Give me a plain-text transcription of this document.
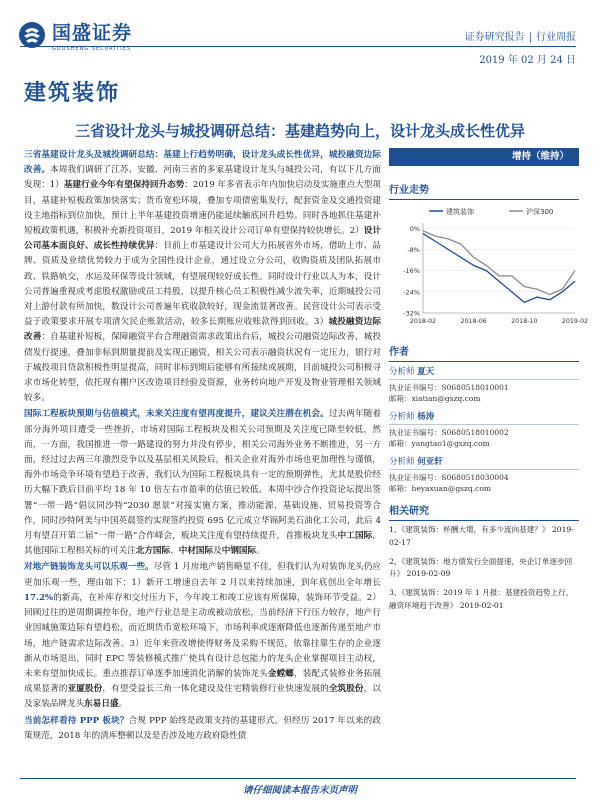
国盛证券
GUOSHENG SECURITIES
证券研究报告 | 行业周报
2019 年 02 月 24 日
建筑装饰
三省设计龙头与城投调研总结：基建趋势向上，设计龙头成长性优异

三省基建设计龙头及城投调研总结：基建上行趋势明确，设计龙头成长性优异，城投融资边际改善。本周我们调研了江苏、安徽、河南三省的多家基建设计龙头与城投公司，有以下几方面发现：1）基建行业今年有望保持回升态势：2019 年多省表示年内加快启动及实施重点大型项目，基建补短板政策加快落实；货币宽松环境，叠加专项债密集发行，配套资金及交通投资建设主地指标到位加快，预计上半年基建投资增速仍能延续触底回升趋势。同时各地抓住基建补短板政策机遇，积极补充新投资项目，2019 年相关设计公司订单有望保持较快增长。2）设计公司基本面良好、成长性持续优异：目前上市基建设计公司大力拓展省外市场，借助上市、品牌、资质及业绩优势较力于成为全国性设计企业，通过设立分公司，收购资质及团队拓展市政、铁路轨交，水运及环保等设计领域，有望展现较好成长性。同时设计行业以人为本，设计公司普遍重视或考虑股权激励或员工持股，以提升核心员工积极性减少流失率，近期城投公司对上游付款有所加快，数设计公司普遍年底收款较好，现金流显著改善。民营设计公司表示受益于政策要求开展专项清欠民企账款活动，较多长期账应收账款得到回收。3）城投融资边际改善：自基建补短板，保障融资平台合理融资需求政策出台后，城投公司融资边际改善，城投债发行提速，叠加非标到期量提前及实现正融资，相关公司表示融资状况有一定压力，银行对于城投项目贷款积极性明显提高，同时非标到期后能够有所接续或展期，目前城投公司积极寻求市场化转型，依托现有棚户区改造项目经验及资源，业务转向地产开发及物业管理相关领域较多。

国际工程板块预期与估值模式，未来关注度有望再度提升，建议关注潜在机会。过去两年随着部分海外项目遭受一些挫折，市场对国际工程板块及相关公司预期及关注度已降至较低，然而，一方面，我国推进一带一路建设的努力并没有停步，相关公司海外业务不断推进，另一方面，经过过去两三年激烈竞争以及基层相关风险后，相关企业对海外市场也更加理性与谨慎，海外市场竞争环境有望趋于改善，我们认为国际工程板块具有一定的预期弹性，尤其是股价经历大幅下跌后目前平均 18 年 10 倍左右市盈率的估值已较低。本周中沙合作投资论坛提出签署“一带一路”倡议同沙特“2030 愿景”对接实施方案，推动能源、基础设施、贸易投资等合作，同时沙特阿美与中国英晨签约实现签约投资 695 亿元成立华锦阿美石油化工公司，此后 4 月有望召开第二届“一带一路”合作峰会，板块关注度有望持续提升，首推板块龙头中工国际，其他国际工程相关标的可关注北方国际、中材国际及中钢国际。

对地产链装饰龙头可以乐观一些。尽管 1 月房地产销售略显不佳，但我们认为对装饰龙头仍应更加乐观一些，理由如下：1）新开工增速自去年 2 月以来持续加速，到年底创出全年增长 17.2%的新高，在补库存和交付压力下，今年竣工和竣工应该有所保障，装饰环节受益。2）回顾过往的逆周期调控年份，地产行业总是主动或被动放松，当前经济下行压力较存，地产行业因城施策边际有望趋松，而近期货币宽松环境下，市场利率或逐渐降低也逐渐传递至地产市场，地产链需求边际改善。3）近年来营改增使得财务及采购不规范，依靠挂靠生存的企业逐渐从市场退出，同时 EPC 等装修模式推广使具有设计总包能力的龙头企业掌握项目主动权，未来有望加快成长。重点推荐订单逐季加速消化消解的装饰龙头金螳螂，装配式装修业务拓展成果显著的亚厦股份，有望受益长三角一体化建设及住宅精装修行业快速发展的全筑股份，以及家装品牌龙头东易日盛。

当前怎样看待 PPP 板块？合规 PPP 始终是政策支持的基建形式，但经历 2017 年以来的政策规范，2018 年的清库整顿以及是否涉及地方政府隐性债

增持（维持）
行业走势
建筑装饰	沪深300
0%
-8%
-16%
-24%
-32%
2018-02	2018-06	2018-10	2019-02
作者
分析师 夏天
执业证书编号：S0680518010001
邮箱：xiatian@gszq.com
分析师 杨涛
执业证书编号：S0680518010002
邮箱：yangtao1@gszq.com
分析师 何亚轩
执业证书编号：S0680518030004
邮箱：heyaxuan@gszq.com
相关研究
1、《建筑装饰：杯酬大增，有多少流向基建？》 2019-02-17
2、《建筑装饰：地方债发行全面提速，央企订单逐步回升》 2019-02-09
3、《建筑装饰：2019 年 1 月报：基建投资趋势上行，融资环境趋于改善》 2019-02-01
请仔细阅读本报告末页声明
